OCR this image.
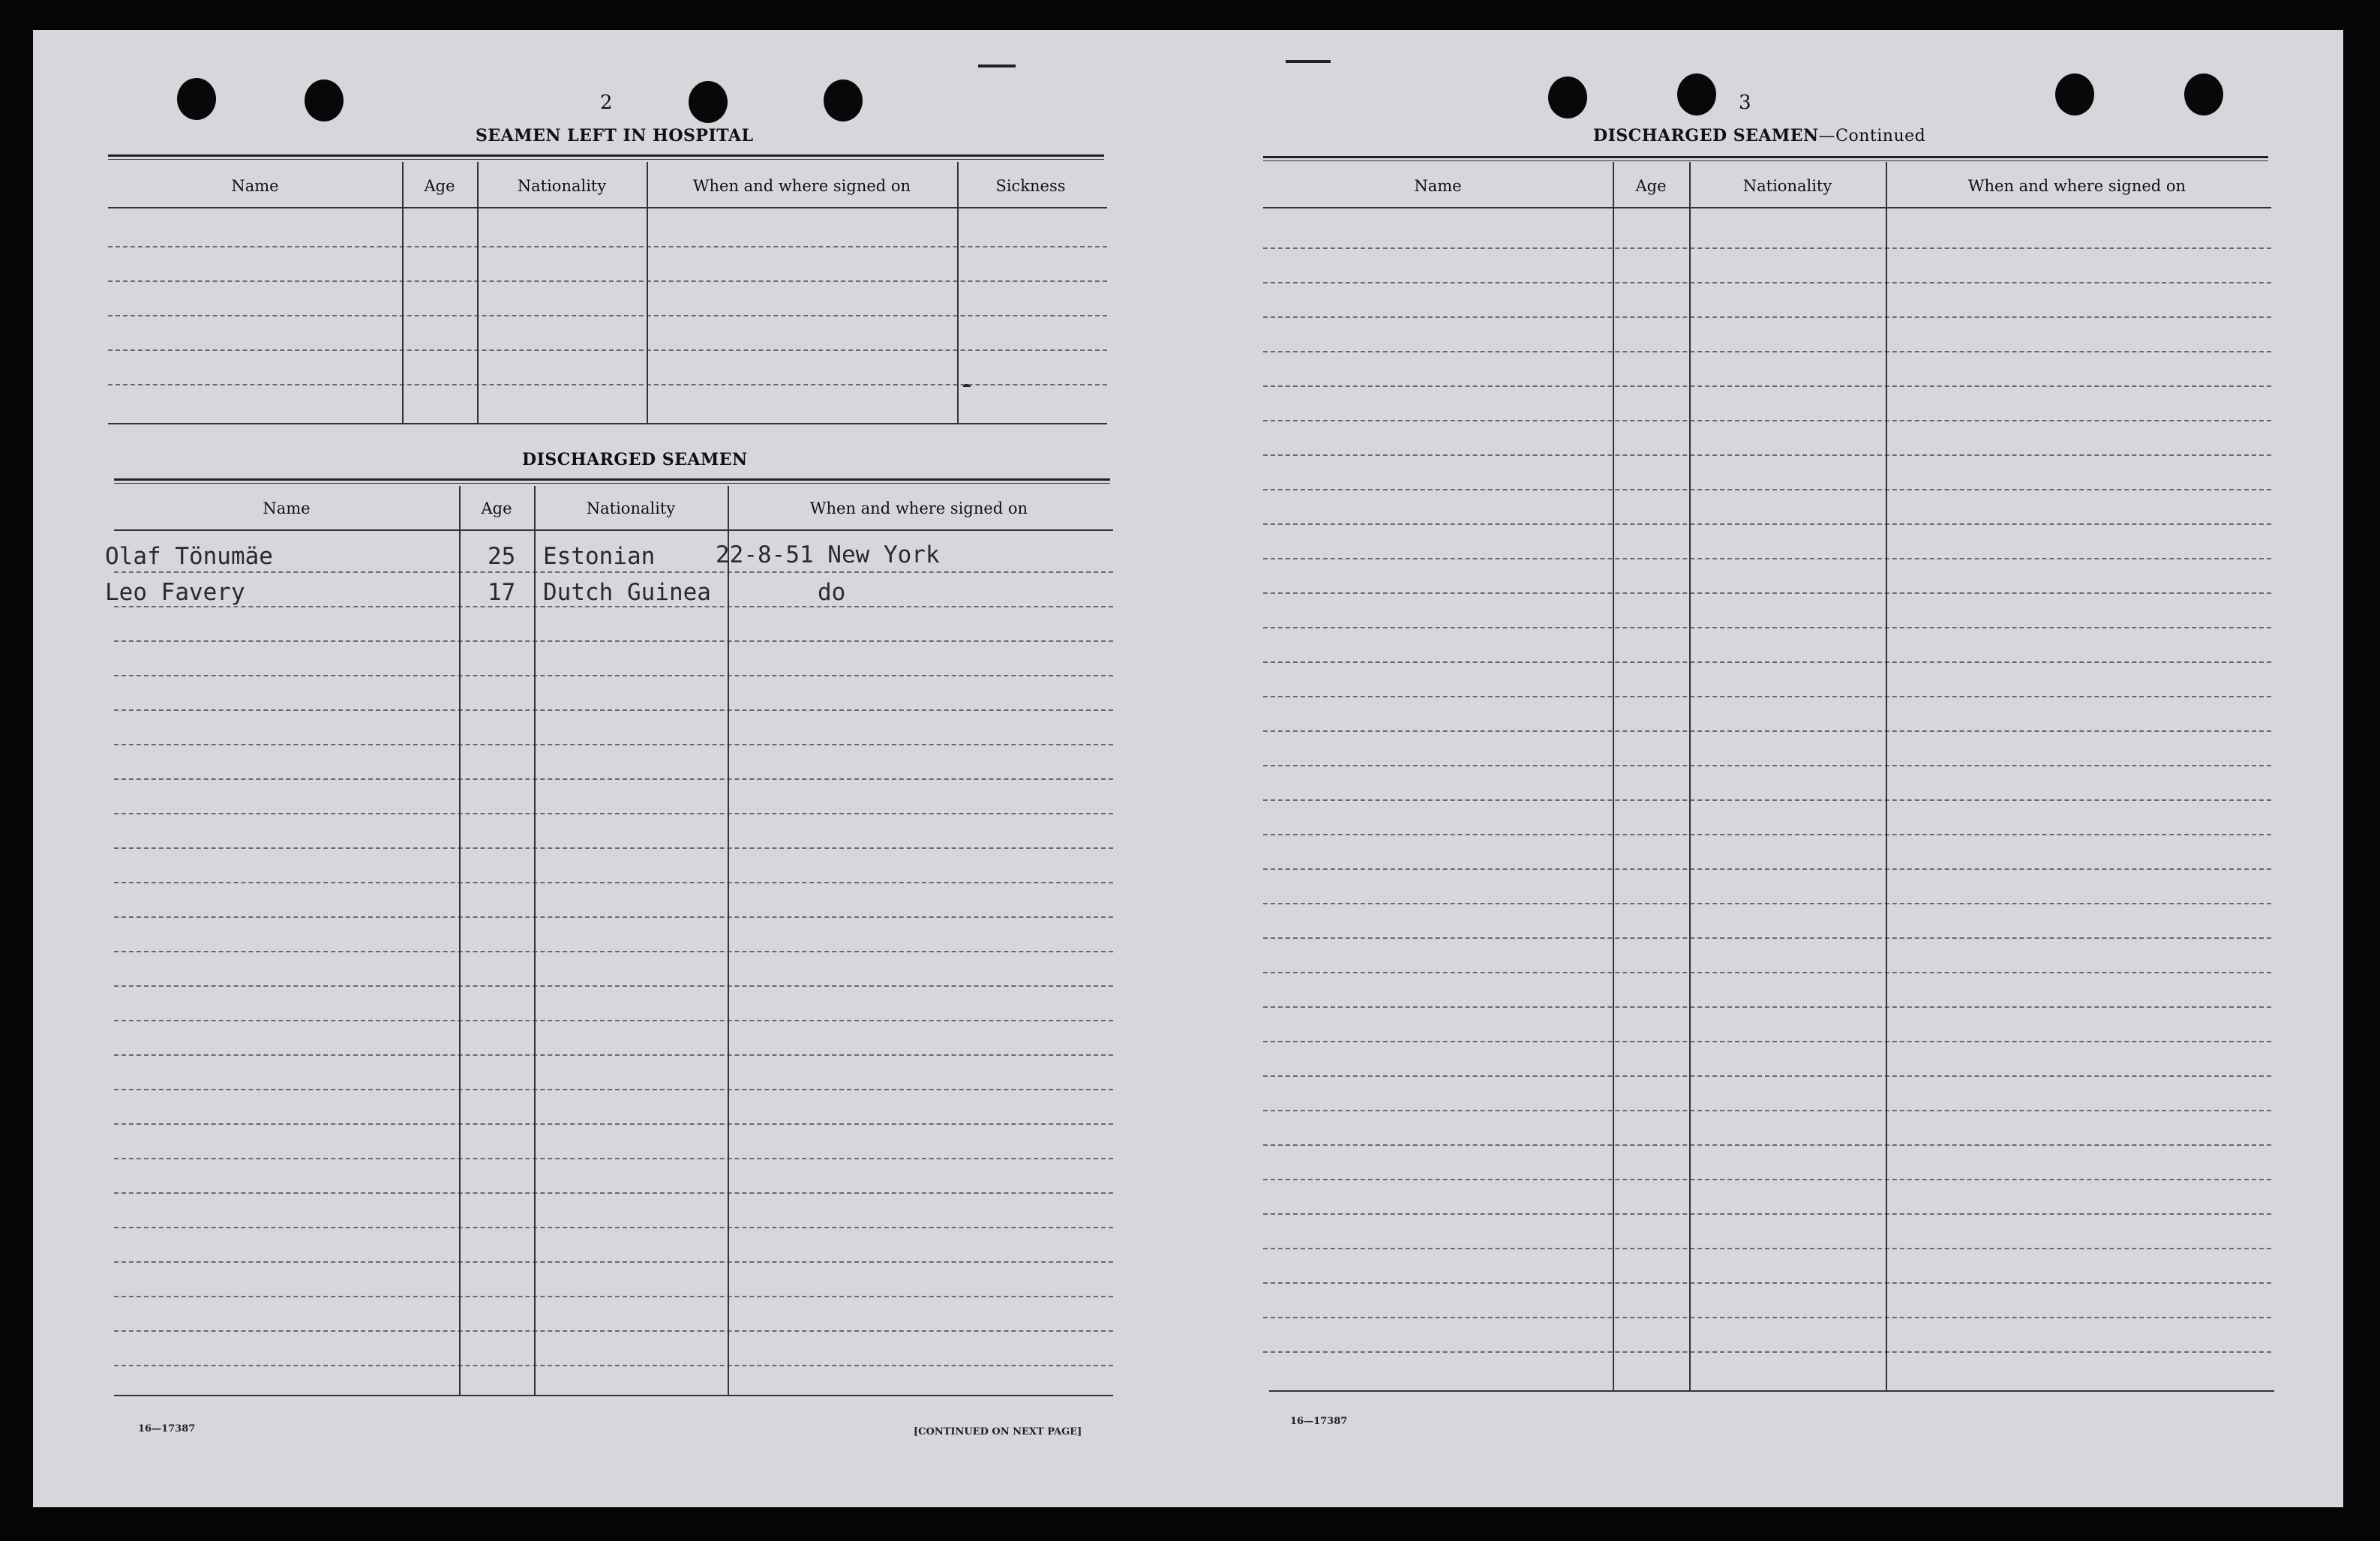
2
SEAMEN LEFT IN HOSPITAL
Name	Age	Nationality	When and where signed on	Sickness
DISCHARGED SEAMEN
Name	Age	Nationality	When and where signed on
Olaf Tönumäe	25 Estonian	22-8-51 New York
Leo Favery	17 Dutch Guinea	do
16—17387	[CONTINUED ON NEXT PAGE]
3
DISCHARGED SEAMEN—Continued
Name	Age	Nationality	When and where signed on
16—17387
